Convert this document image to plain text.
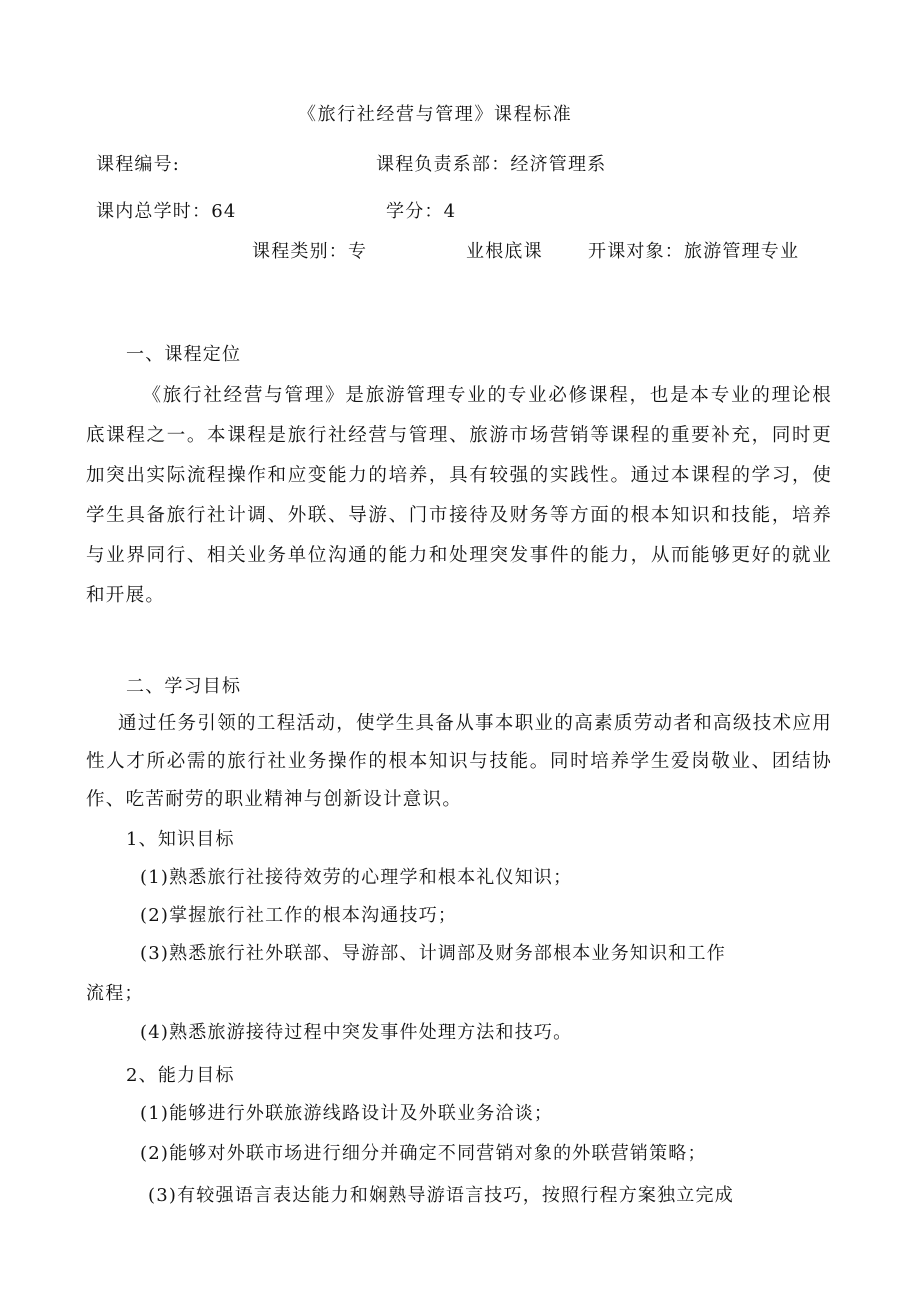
《旅行社经营与管理》课程标准
课程编号:	课程负责系部：经济管理系
课内总学时：64	学分：4
课程类别：专	业根底课	开课对象：旅游管理专业
一、课程定位

《旅行社经营与管理》是旅游管理专业的专业必修课程，也是本专业的理论根底课程之一。本课程是旅行社经营与管理、旅游市场营销等课程的重要补充，同时更加突出实际流程操作和应变能力的培养，具有较强的实践性。通过本课程的学习，使学生具备旅行社计调、外联、导游、门市接待及财务等方面的根本知识和技能，培养与业界同行、相关业务单位沟通的能力和处理突发事件的能力，从而能够更好的就业和开展。

二、学习目标

通过任务引领的工程活动，使学生具备从事本职业的高素质劳动者和高级技术应用性人才所必需的旅行社业务操作的根本知识与技能。同时培养学生爱岗敬业、团结协作、吃苦耐劳的职业精神与创新设计意识。

1、知识目标
(1)熟悉旅行社接待效劳的心理学和根本礼仪知识；
(2)掌握旅行社工作的根本沟通技巧；
(3)熟悉旅行社外联部、导游部、计调部及财务部根本业务知识和工作
流程；
(4)熟悉旅游接待过程中突发事件处理方法和技巧。
2、能力目标
(1)能够进行外联旅游线路设计及外联业务洽谈；
(2)能够对外联市场进行细分并确定不同营销对象的外联营销策略；
(3)有较强语言表达能力和娴熟导游语言技巧，按照行程方案独立完成
